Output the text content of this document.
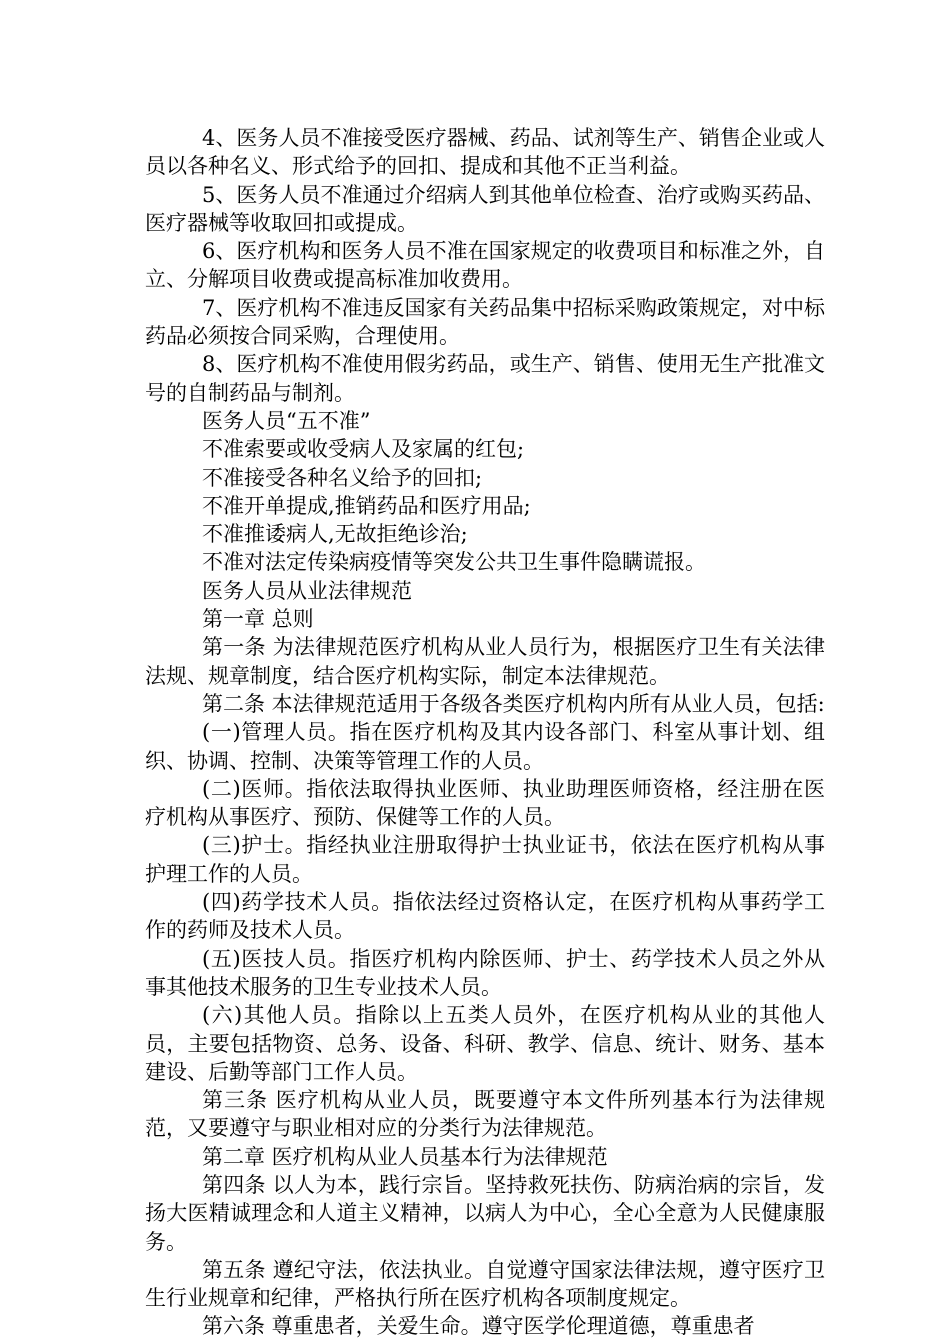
4、医务人员不准接受医疗器械、药品、试剂等生产、销售企业或人员以各种名义、形式给予的回扣、提成和其他不正当利益。

5、医务人员不准通过介绍病人到其他单位检查、治疗或购买药品、医疗器械等收取回扣或提成。

6、医疗机构和医务人员不准在国家规定的收费项目和标准之外，自立、分解项目收费或提高标准加收费用。

7、医疗机构不准违反国家有关药品集中招标采购政策规定，对中标药品必须按合同采购，合理使用。

8、医疗机构不准使用假劣药品，或生产、销售、使用无生产批准文号的自制药品与制剂。

医务人员“五不准”

不准索要或收受病人及家属的红包;

不准接受各种名义给予的回扣;

不准开单提成,推销药品和医疗用品;

不准推诿病人,无故拒绝诊治;

不准对法定传染病疫情等突发公共卫生事件隐瞒谎报。

医务人员从业法律规范

第一章 总则

第一条 为法律规范医疗机构从业人员行为，根据医疗卫生有关法律法规、规章制度，结合医疗机构实际，制定本法律规范。

第二条 本法律规范适用于各级各类医疗机构内所有从业人员，包括:

(一)管理人员。指在医疗机构及其内设各部门、科室从事计划、组织、协调、控制、决策等管理工作的人员。

(二)医师。指依法取得执业医师、执业助理医师资格，经注册在医疗机构从事医疗、预防、保健等工作的人员。

(三)护士。指经执业注册取得护士执业证书，依法在医疗机构从事护理工作的人员。

(四)药学技术人员。指依法经过资格认定，在医疗机构从事药学工作的药师及技术人员。

(五)医技人员。指医疗机构内除医师、护士、药学技术人员之外从事其他技术服务的卫生专业技术人员。

(六)其他人员。指除以上五类人员外，在医疗机构从业的其他人员，主要包括物资、总务、设备、科研、教学、信息、统计、财务、基本建设、后勤等部门工作人员。

第三条 医疗机构从业人员，既要遵守本文件所列基本行为法律规范，又要遵守与职业相对应的分类行为法律规范。

第二章 医疗机构从业人员基本行为法律规范

第四条 以人为本，践行宗旨。坚持救死扶伤、防病治病的宗旨，发扬大医精诚理念和人道主义精神，以病人为中心，全心全意为人民健康服务。

第五条 遵纪守法，依法执业。自觉遵守国家法律法规，遵守医疗卫生行业规章和纪律，严格执行所在医疗机构各项制度规定。

第六条 尊重患者，关爱生命。遵守医学伦理道德，尊重患者
